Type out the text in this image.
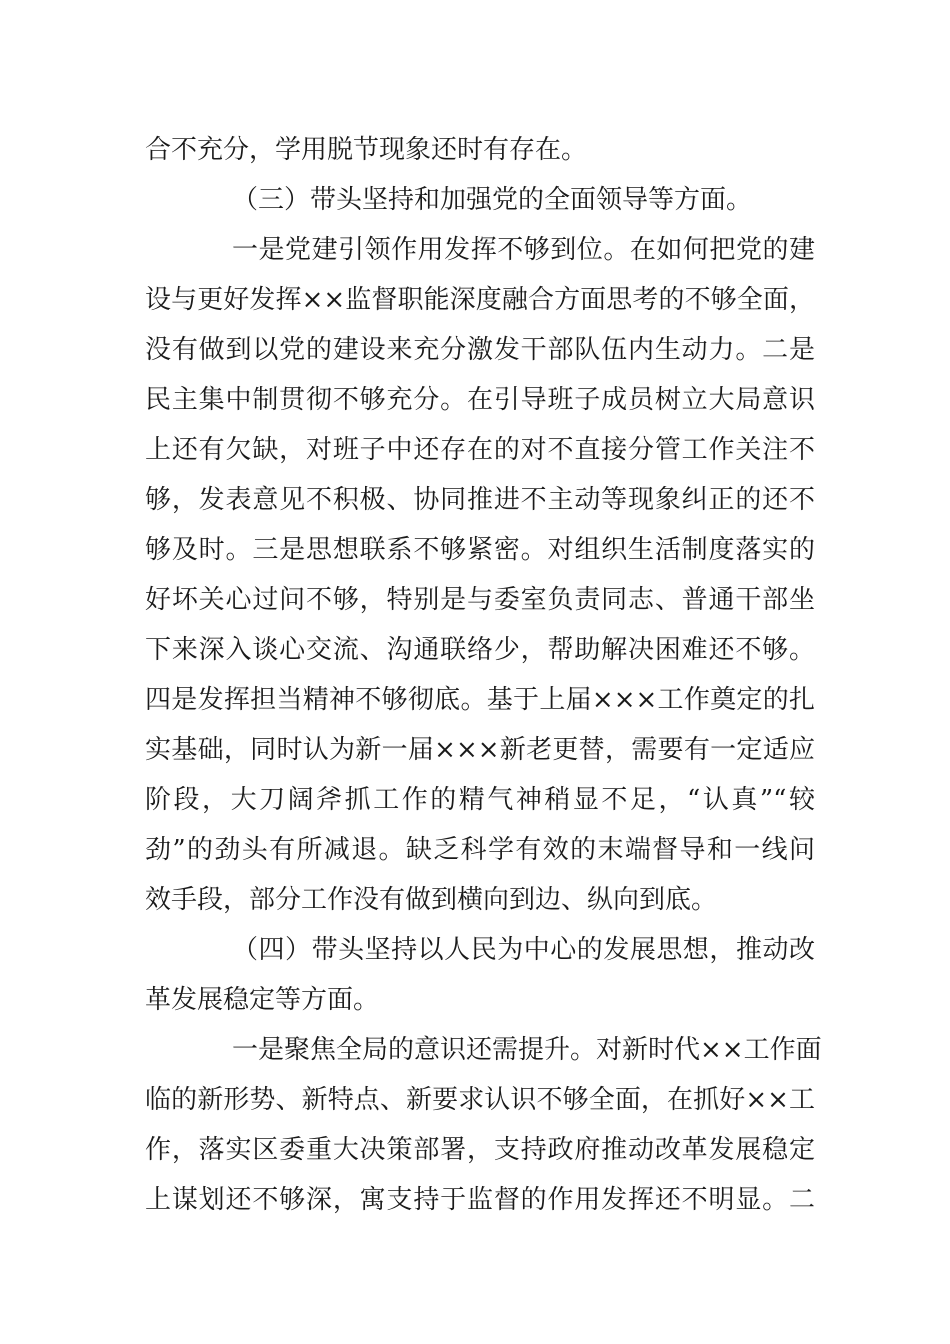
合不充分，学用脱节现象还时有存在。
（三）带头坚持和加强党的全面领导等方面。
一是党建引领作用发挥不够到位。在如何把党的建
设与更好发挥××监督职能深度融合方面思考的不够全面，
没有做到以党的建设来充分激发干部队伍内生动力。二是
民主集中制贯彻不够充分。在引导班子成员树立大局意识
上还有欠缺，对班子中还存在的对不直接分管工作关注不
够，发表意见不积极、协同推进不主动等现象纠正的还不
够及时。三是思想联系不够紧密。对组织生活制度落实的
好坏关心过问不够，特别是与委室负责同志、普通干部坐
下来深入谈心交流、沟通联络少，帮助解决困难还不够。
四是发挥担当精神不够彻底。基于上届×××工作奠定的扎
实基础，同时认为新一届×××新老更替，需要有一定适应
阶段，大刀阔斧抓工作的精气神稍显不足，“认真”“较
劲”的劲头有所减退。缺乏科学有效的末端督导和一线问
效手段，部分工作没有做到横向到边、纵向到底。
（四）带头坚持以人民为中心的发展思想，推动改
革发展稳定等方面。
一是聚焦全局的意识还需提升。对新时代××工作面
临的新形势、新特点、新要求认识不够全面，在抓好××工
作，落实区委重大决策部署，支持政府推动改革发展稳定
上谋划还不够深，寓支持于监督的作用发挥还不明显。二
